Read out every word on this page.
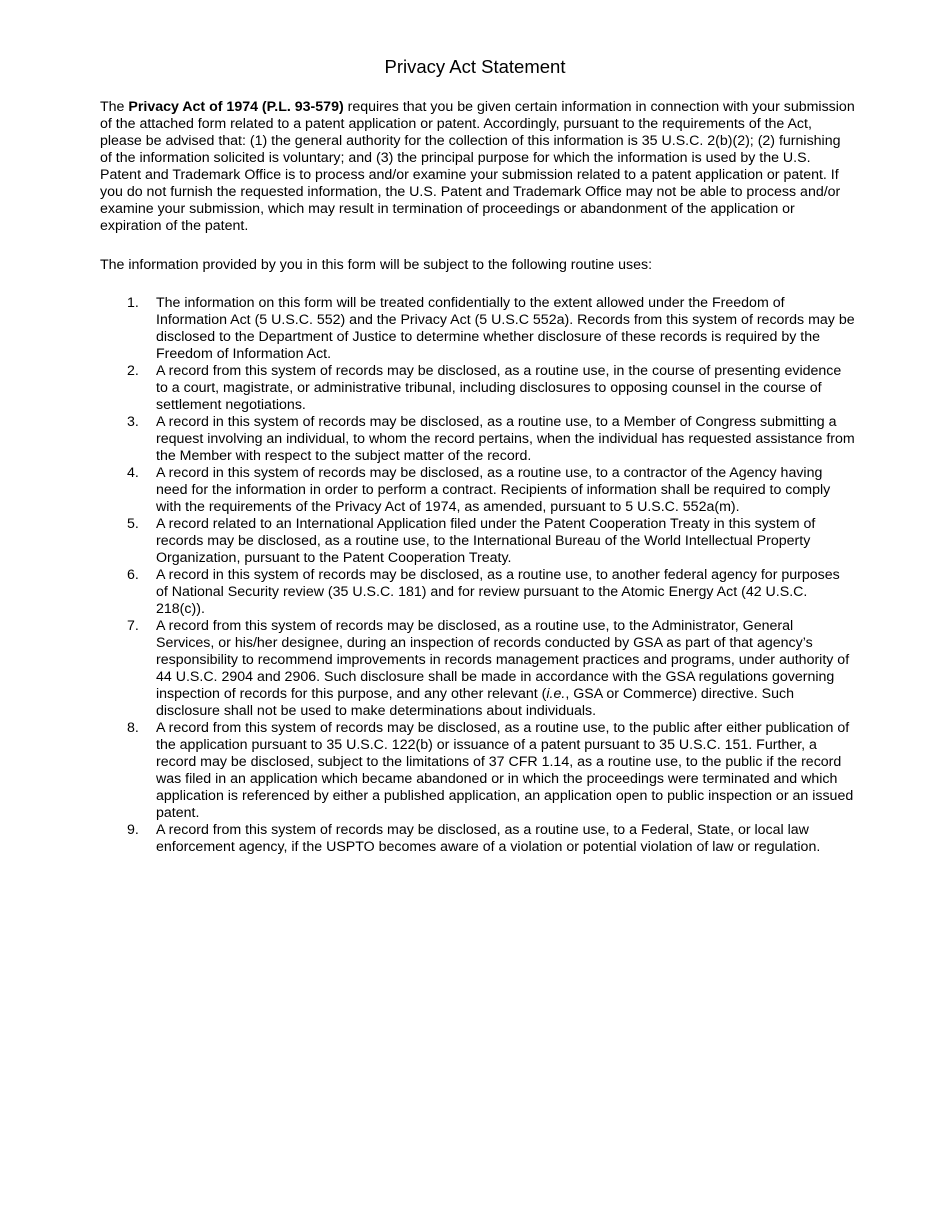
Privacy Act Statement

The Privacy Act of 1974 (P.L. 93-579) requires that you be given certain information in connection with your submission of the attached form related to a patent application or patent. Accordingly, pursuant to the requirements of the Act, please be advised that: (1) the general authority for the collection of this information is 35 U.S.C. 2(b)(2); (2) furnishing of the information solicited is voluntary; and (3) the principal purpose for which the information is used by the U.S. Patent and Trademark Office is to process and/or examine your submission related to a patent application or patent. If you do not furnish the requested information, the U.S. Patent and Trademark Office may not be able to process and/or examine your submission, which may result in termination of proceedings or abandonment of the application or expiration of the patent.

The information provided by you in this form will be subject to the following routine uses:

1. The information on this form will be treated confidentially to the extent allowed under the Freedom of Information Act (5 U.S.C. 552) and the Privacy Act (5 U.S.C 552a). Records from this system of records may be disclosed to the Department of Justice to determine whether disclosure of these records is required by the Freedom of Information Act.
2. A record from this system of records may be disclosed, as a routine use, in the course of presenting evidence to a court, magistrate, or administrative tribunal, including disclosures to opposing counsel in the course of settlement negotiations.
3. A record in this system of records may be disclosed, as a routine use, to a Member of Congress submitting a request involving an individual, to whom the record pertains, when the individual has requested assistance from the Member with respect to the subject matter of the record.
4. A record in this system of records may be disclosed, as a routine use, to a contractor of the Agency having need for the information in order to perform a contract. Recipients of information shall be required to comply with the requirements of the Privacy Act of 1974, as amended, pursuant to 5 U.S.C. 552a(m).
5. A record related to an International Application filed under the Patent Cooperation Treaty in this system of records may be disclosed, as a routine use, to the International Bureau of the World Intellectual Property Organization, pursuant to the Patent Cooperation Treaty.
6. A record in this system of records may be disclosed, as a routine use, to another federal agency for purposes of National Security review (35 U.S.C. 181) and for review pursuant to the Atomic Energy Act (42 U.S.C. 218(c)).
7. A record from this system of records may be disclosed, as a routine use, to the Administrator, General Services, or his/her designee, during an inspection of records conducted by GSA as part of that agency’s responsibility to recommend improvements in records management practices and programs, under authority of 44 U.S.C. 2904 and 2906. Such disclosure shall be made in accordance with the GSA regulations governing inspection of records for this purpose, and any other relevant (i.e., GSA or Commerce) directive. Such disclosure shall not be used to make determinations about individuals.
8. A record from this system of records may be disclosed, as a routine use, to the public after either publication of the application pursuant to 35 U.S.C. 122(b) or issuance of a patent pursuant to 35 U.S.C. 151. Further, a record may be disclosed, subject to the limitations of 37 CFR 1.14, as a routine use, to the public if the record was filed in an application which became abandoned or in which the proceedings were terminated and which application is referenced by either a published application, an application open to public inspection or an issued patent.
9. A record from this system of records may be disclosed, as a routine use, to a Federal, State, or local law enforcement agency, if the USPTO becomes aware of a violation or potential violation of law or regulation.
